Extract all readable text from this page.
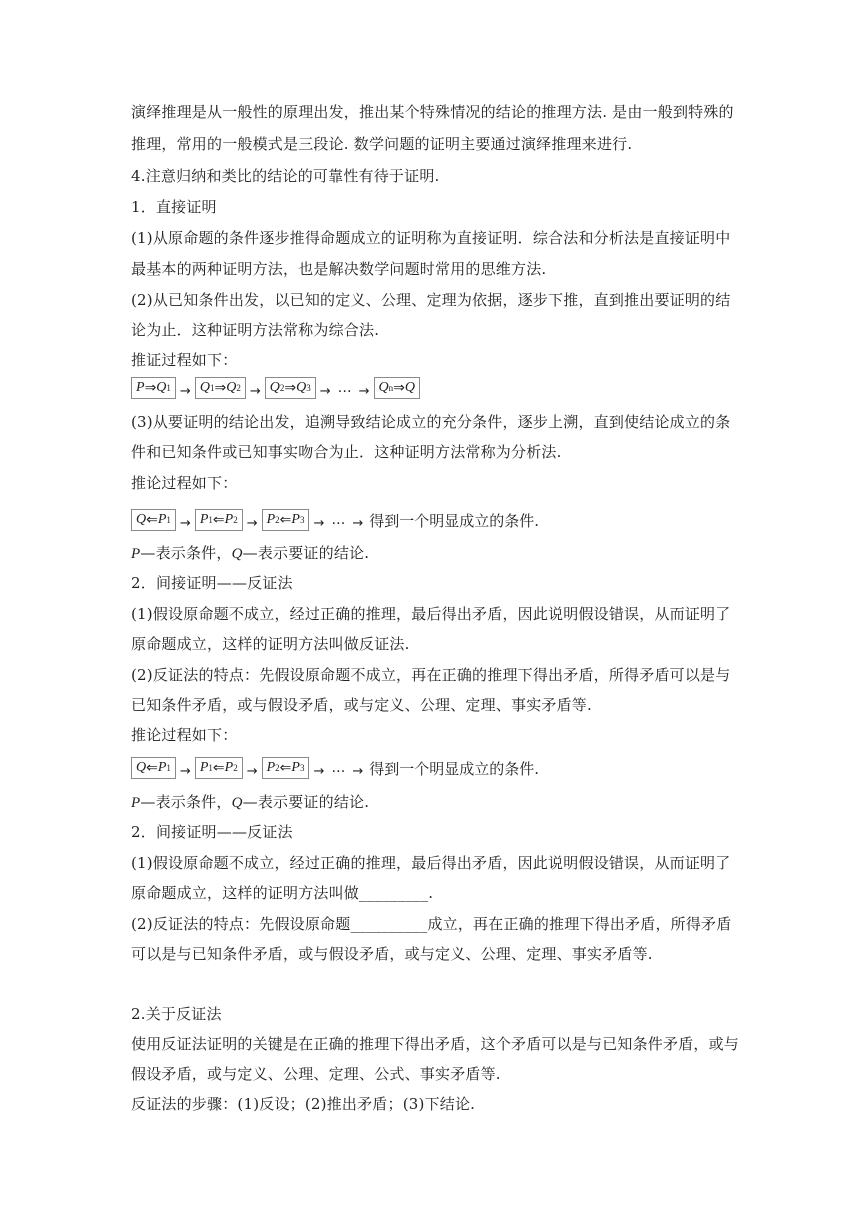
演绎推理是从一般性的原理出发，推出某个特殊情况的结论的推理方法. 是由一般到特殊的
推理，常用的一般模式是三段论. 数学问题的证明主要通过演绎推理来进行.
4.注意归纳和类比的结论的可靠性有待于证明.
1．直接证明
(1)从原命题的条件逐步推得命题成立的证明称为直接证明．综合法和分析法是直接证明中
最基本的两种证明方法，也是解决数学问题时常用的思维方法.
(2)从已知条件出发，以已知的定义、公理、定理为依据，逐步下推，直到推出要证明的结
论为止．这种证明方法常称为综合法.
推证过程如下：
P ⇒ Q 1 → Q 1 ⇒ Q 2 → Q 2 ⇒ Q 3 → … → Q n ⇒ Q
(3)从要证明的结论出发，追溯导致结论成立的充分条件，逐步上溯，直到使结论成立的条
件和已知条件或已知事实吻合为止．这种证明方法常称为分析法.
推论过程如下：
Q ⇐ P 1 → P 1 ⇐ P 2 → P 2 ⇐ P 3 → … → 得到一个明显成立的条件.
P—表示条件，Q—表示要证的结论.
2．间接证明——反证法
(1)假设原命题不成立，经过正确的推理，最后得出矛盾，因此说明假设错误，从而证明了
原命题成立，这样的证明方法叫做反证法.
(2)反证法的特点：先假设原命题不成立，再在正确的推理下得出矛盾，所得矛盾可以是与
已知条件矛盾，或与假设矛盾，或与定义、公理、定理、事实矛盾等.
推论过程如下：
Q ⇐ P 1 → P 1 ⇐ P 2 → P 2 ⇐ P 3 → … → 得到一个明显成立的条件.
P—表示条件，Q—表示要证的结论.
2．间接证明——反证法
(1)假设原命题不成立，经过正确的推理，最后得出矛盾，因此说明假设错误，从而证明了
原命题成立，这样的证明方法叫做_________.
(2)反证法的特点：先假设原命题__________成立，再在正确的推理下得出矛盾，所得矛盾
可以是与已知条件矛盾，或与假设矛盾，或与定义、公理、定理、事实矛盾等.
2.关于反证法
使用反证法证明的关键是在正确的推理下得出矛盾，这个矛盾可以是与已知条件矛盾，或与
假设矛盾，或与定义、公理、定理、公式、事实矛盾等.
反证法的步骤：(1)反设；(2)推出矛盾；(3)下结论.
